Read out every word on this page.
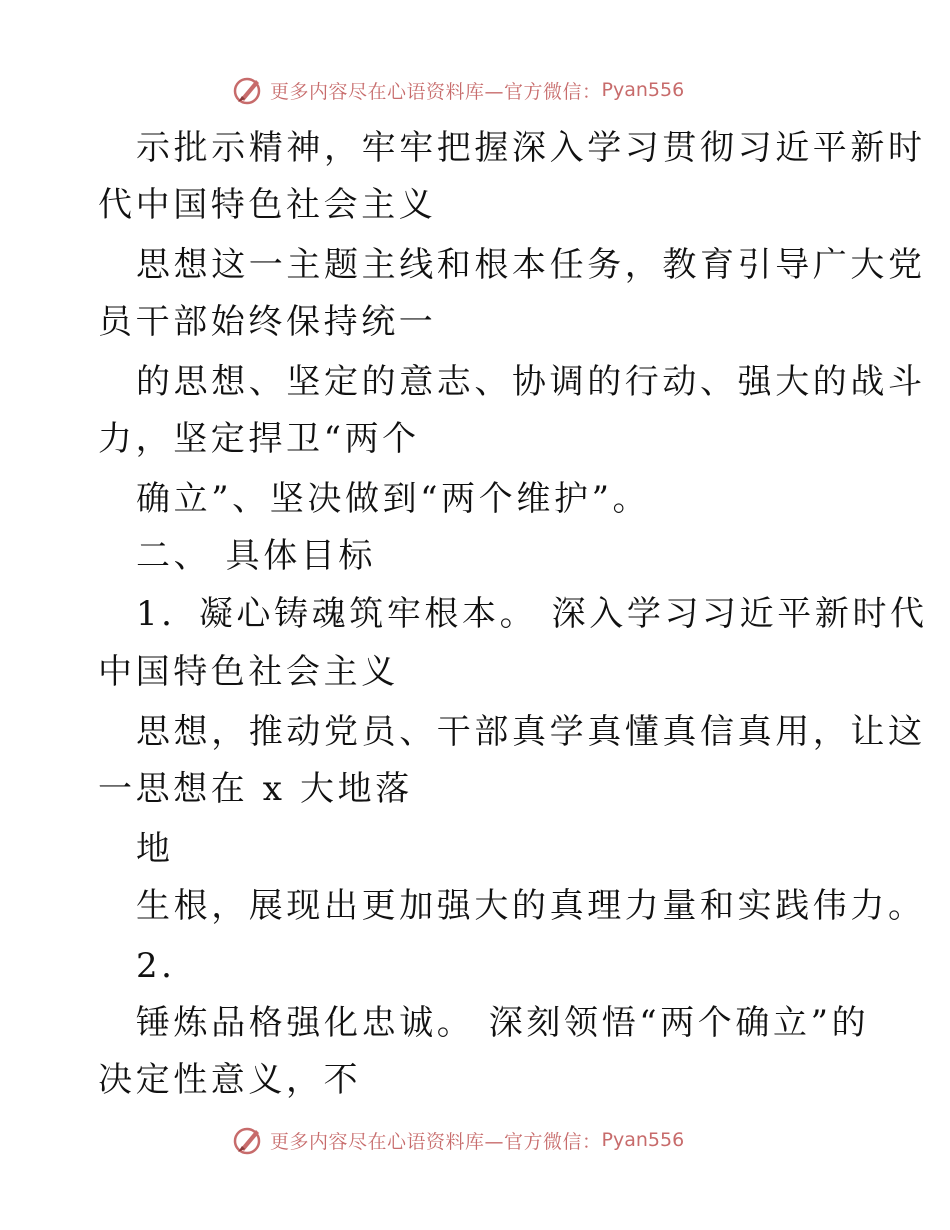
更多内容尽在心语资料库—官方微信： Pyan556
示批示精神，牢牢把握深入学习贯彻习近平新时
代中国特色社会主义
思想这一主题主线和根本任务，教育引导广大党
员干部始终保持统一
的思想、坚定的意志、协调的行动、强大的战斗
力，坚定捍卫“两个
确立”、坚决做到“两个维护”。
二、 具体目标
1．凝心铸魂筑牢根本。 深入学习习近平新时代
中国特色社会主义
思想，推动党员、干部真学真懂真信真用，让这
一思想在 x 大地落
地
生根，展现出更加强大的真理力量和实践伟力。
2．
锤炼品格强化忠诚。 深刻领悟“两个确立”的
决定性意义，不
更多内容尽在心语资料库—官方微信： Pyan556
